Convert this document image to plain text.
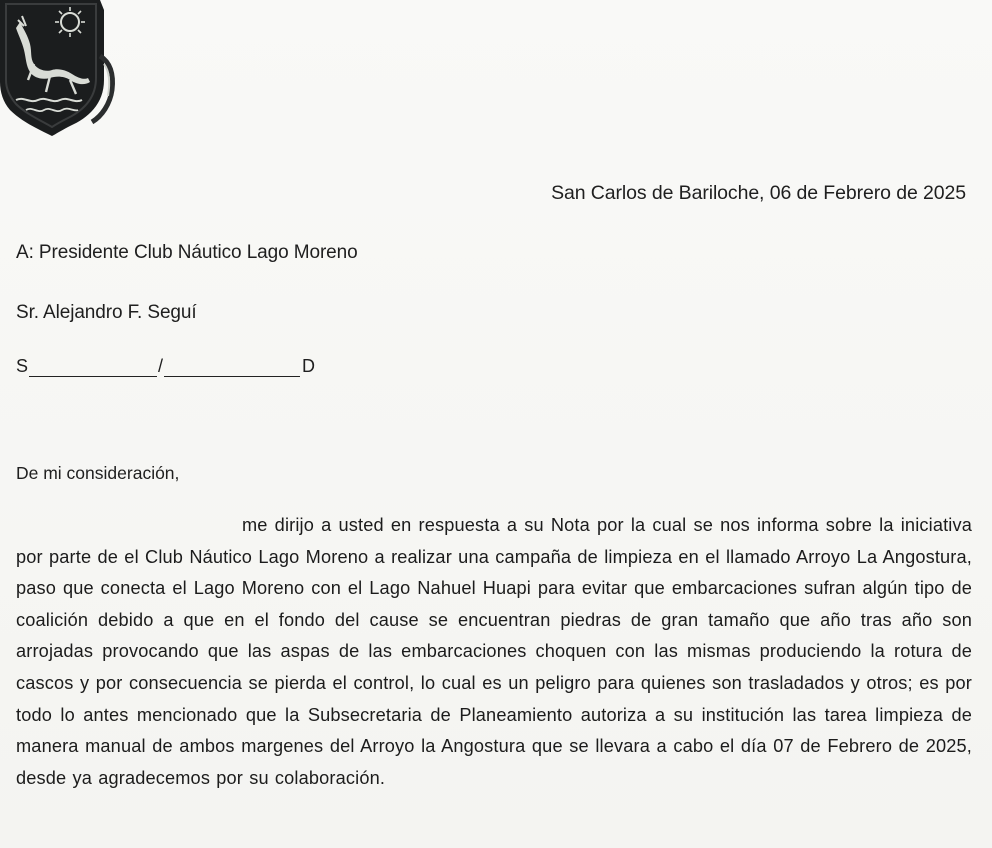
San Carlos de Bariloche, 06 de Febrero de 2025
A: Presidente Club Náutico Lago Moreno
Sr. Alejandro F. Seguí
S	/	D
De mi consideración,

me dirijo a usted en respuesta a su Nota por la cual se nos informa sobre la iniciativa por parte de el Club Náutico Lago Moreno a realizar una campaña de limpieza en el llamado Arroyo La Angostura, paso que conecta el Lago Moreno con el Lago Nahuel Huapi para evitar que embarcaciones sufran algún tipo de coalición debido a que en el fondo del cause se encuentran piedras de gran tamaño que año tras año son arrojadas provocando que las aspas de las embarcaciones choquen con las mismas produciendo la rotura de cascos y por consecuencia se pierda el control, lo cual es un peligro para quienes son trasladados y otros; es por todo lo antes mencionado que la Subsecretaria de Planeamiento autoriza a su institución las tarea limpieza de manera manual de ambos margenes del Arroyo la Angostura que se llevara a cabo el día 07 de Febrero de 2025, desde ya agradecemos por su colaboración.
